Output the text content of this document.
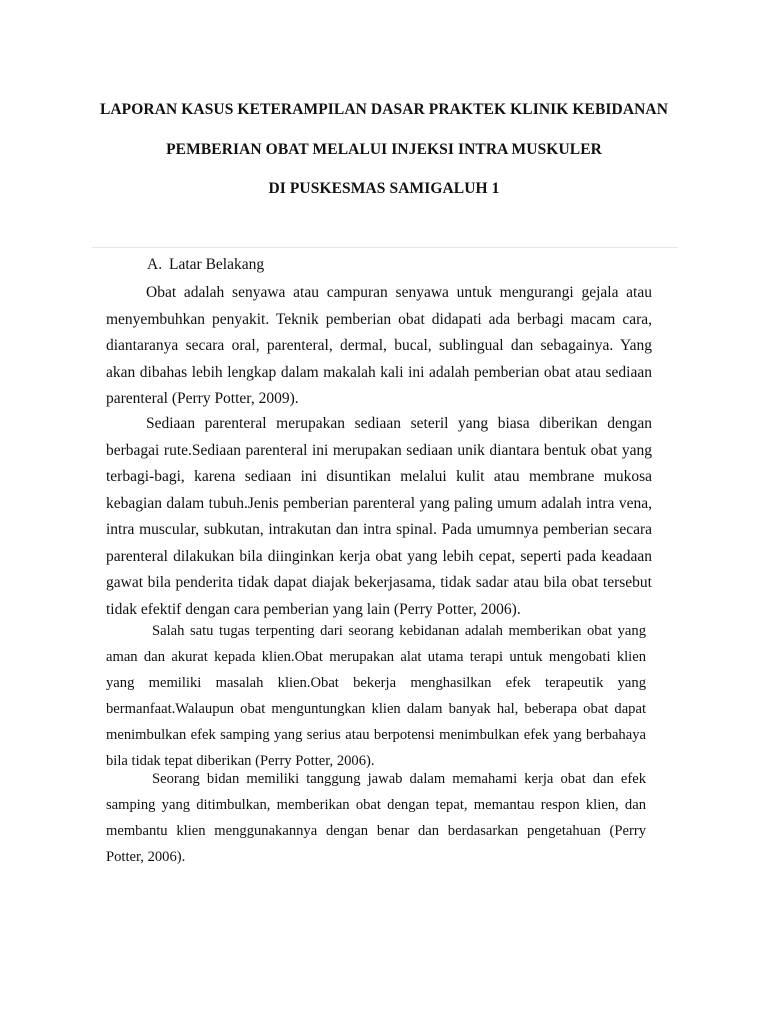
LAPORAN KASUS KETERAMPILAN DASAR PRAKTEK KLINIK KEBIDANAN
PEMBERIAN OBAT MELALUI INJEKSI INTRA MUSKULER
DI PUSKESMAS SAMIGALUH 1
A. Latar Belakang

Obat adalah senyawa atau campuran senyawa untuk mengurangi gejala atau menyembuhkan penyakit. Teknik pemberian obat didapati ada berbagi macam cara, diantaranya secara oral, parenteral, dermal, bucal, sublingual dan sebagainya. Yang akan dibahas lebih lengkap dalam makalah kali ini adalah pemberian obat atau sediaan parenteral (Perry Potter, 2009).

Sediaan parenteral merupakan sediaan seteril yang biasa diberikan dengan berbagai rute.Sediaan parenteral ini merupakan sediaan unik diantara bentuk obat yang terbagi-bagi, karena sediaan ini disuntikan melalui kulit atau membrane mukosa kebagian dalam tubuh.Jenis pemberian parenteral yang paling umum adalah intra vena, intra muscular, subkutan, intrakutan dan intra spinal. Pada umumnya pemberian secara parenteral dilakukan bila diinginkan kerja obat yang lebih cepat, seperti pada keadaan gawat bila penderita tidak dapat diajak bekerjasama, tidak sadar atau bila obat tersebut tidak efektif dengan cara pemberian yang lain (Perry Potter, 2006).

Salah satu tugas terpenting dari seorang kebidanan adalah memberikan obat yang aman dan akurat kepada klien.Obat merupakan alat utama terapi untuk mengobati klien yang memiliki masalah klien.Obat bekerja menghasilkan efek terapeutik yang bermanfaat.Walaupun obat menguntungkan klien dalam banyak hal, beberapa obat dapat menimbulkan efek samping yang serius atau berpotensi menimbulkan efek yang berbahaya bila tidak tepat diberikan (Perry Potter, 2006).

Seorang bidan memiliki tanggung jawab dalam memahami kerja obat dan efek samping yang ditimbulkan, memberikan obat dengan tepat, memantau respon klien, dan membantu klien menggunakannya dengan benar dan berdasarkan pengetahuan (Perry Potter, 2006).
